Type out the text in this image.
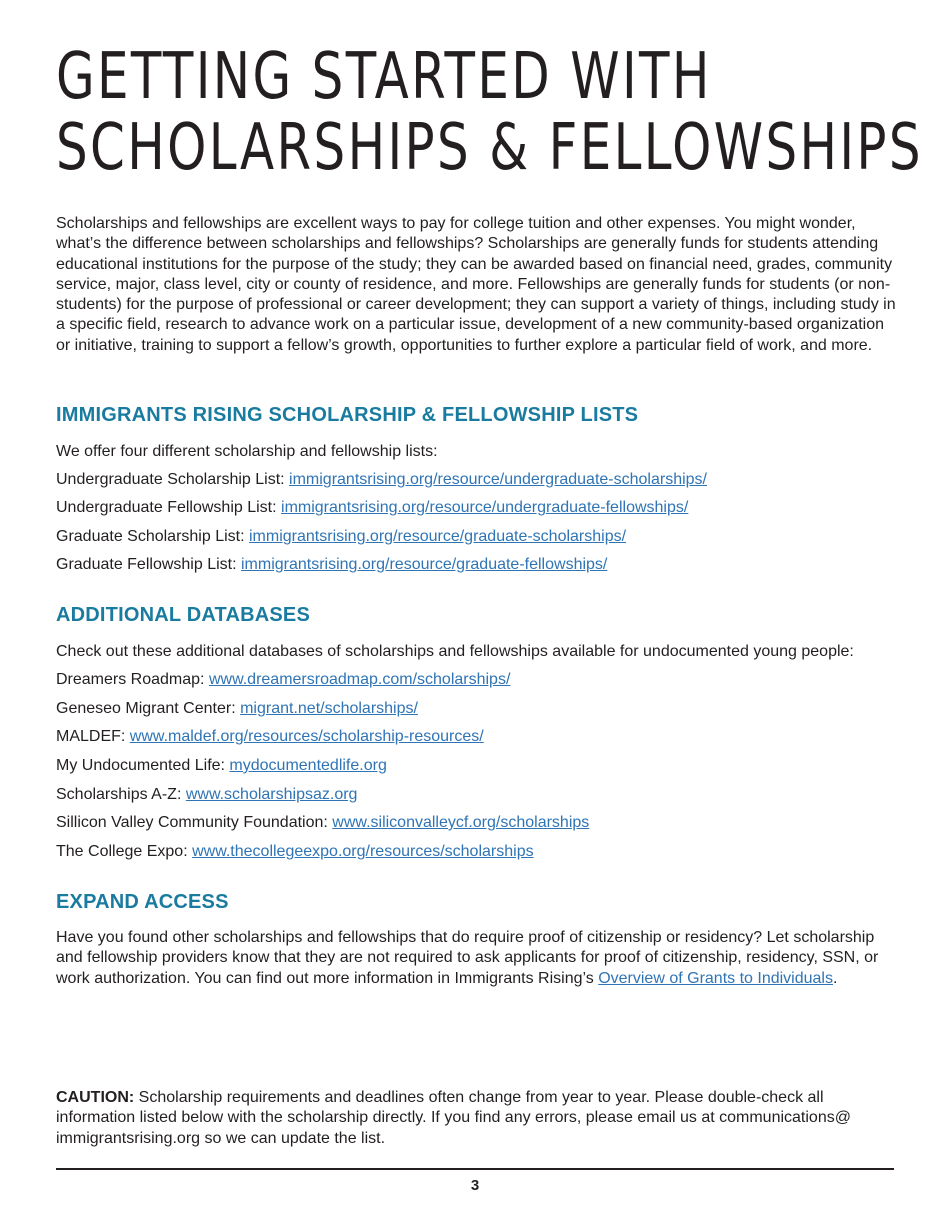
GETTING STARTED WITH
SCHOLARSHIPS & FELLOWSHIPS

Scholarships and fellowships are excellent ways to pay for college tuition and other expenses. You might wonder, what’s the difference between scholarships and fellowships? Scholarships are generally funds for students attending educational institutions for the purpose of the study; they can be awarded based on financial need, grades, community service, major, class level, city or county of residence, and more. Fellowships are generally funds for students (or non-students) for the purpose of professional or career development; they can support a variety of things, including study in a specific field, research to advance work on a particular issue, development of a new community-based organization or initiative, training to support a fellow’s growth, opportunities to further explore a particular field of work, and more.

IMMIGRANTS RISING SCHOLARSHIP & FELLOWSHIP LISTS

We offer four different scholarship and fellowship lists:

Undergraduate Scholarship List: immigrantsrising.org/resource/undergraduate-scholarships/

Undergraduate Fellowship List: immigrantsrising.org/resource/undergraduate-fellowships/

Graduate Scholarship List: immigrantsrising.org/resource/graduate-scholarships/

Graduate Fellowship List: immigrantsrising.org/resource/graduate-fellowships/

ADDITIONAL DATABASES

Check out these additional databases of scholarships and fellowships available for undocumented young people:

Dreamers Roadmap: www.dreamersroadmap.com/scholarships/

Geneseo Migrant Center: migrant.net/scholarships/

MALDEF: www.maldef.org/resources/scholarship-resources/

My Undocumented Life: mydocumentedlife.org

Scholarships A-Z: www.scholarshipsaz.org

Sillicon Valley Community Foundation: www.siliconvalleycf.org/scholarships

The College Expo: www.thecollegeexpo.org/resources/scholarships

EXPAND ACCESS

Have you found other scholarships and fellowships that do require proof of citizenship or residency? Let scholarship and fellowship providers know that they are not required to ask applicants for proof of citizenship, residency, SSN, or work authorization. You can find out more information in Immigrants Rising’s Overview of Grants to Individuals.

CAUTION: Scholarship requirements and deadlines often change from year to year. Please double-check all information listed below with the scholarship directly. If you find any errors, please email us at communications@ immigrantsrising.org so we can update the list.

3
